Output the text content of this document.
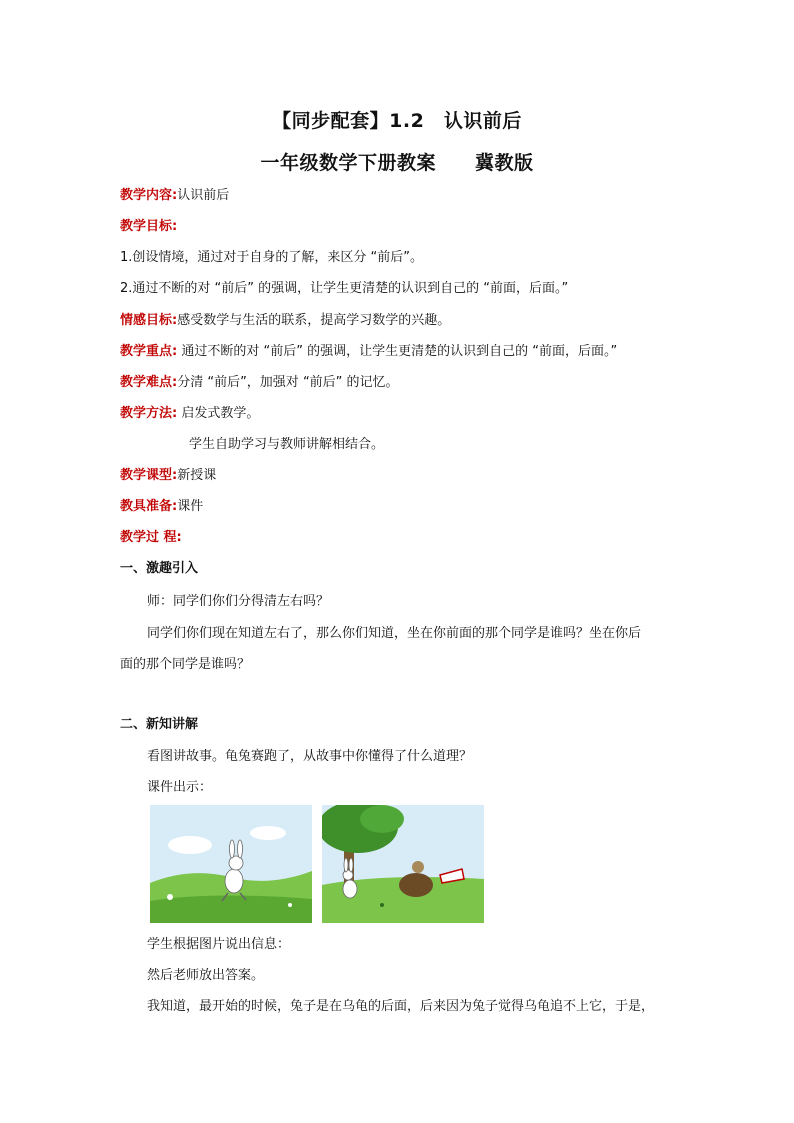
【同步配套】1.2　认识前后
一年级数学下册教案　　冀教版
教学内容:认识前后
教学目标:
1.创设情境，通过对于自身的了解，来区分 “前后”。
2.通过不断的对 “前后” 的强调，让学生更清楚的认识到自己的 “前面，后面。”
情感目标:感受数学与生活的联系，提高学习数学的兴趣。
教学重点: 通过不断的对 “前后” 的强调，让学生更清楚的认识到自己的 “前面，后面。”
教学难点:分清 “前后”，加强对 “前后” 的记忆。
教学方法: 启发式教学。
学生自助学习与教师讲解相结合。
教学课型:新授课
教具准备:课件
教学过 程:
一、激趣引入
师：同学们你们分得清左右吗？
同学们你们现在知道左右了，那么你们知道，坐在你前面的那个同学是谁吗？坐在你后
面的那个同学是谁吗？
二、新知讲解
看图讲故事。龟兔赛跑了，从故事中你懂得了什么道理？
课件出示：
学生根据图片说出信息：
然后老师放出答案。
我知道，最开始的时候，兔子是在乌龟的后面，后来因为兔子觉得乌龟追不上它，于是，
